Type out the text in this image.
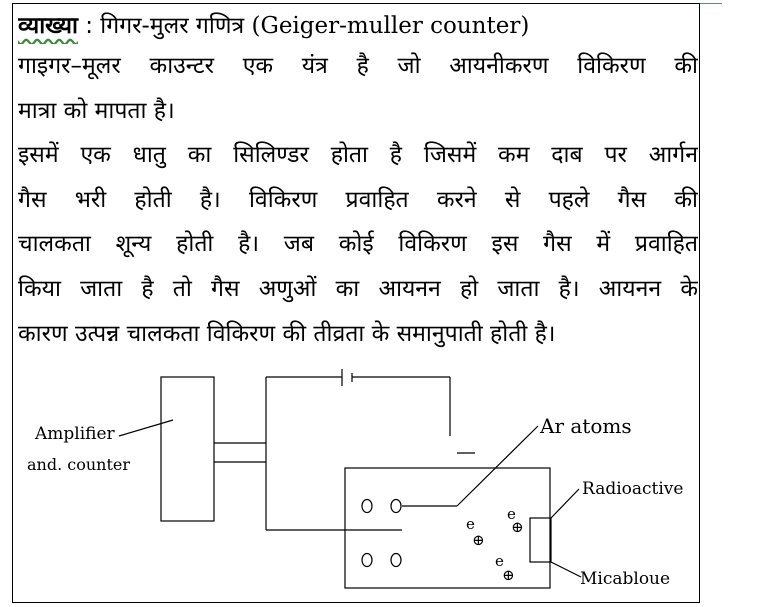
व्याख्या : गिगर-मुलर गणित्र (Geiger-muller counter)
गाइगर–मूलर काउन्टर एक यंत्र है जो आयनीकरण विकिरण की
मात्रा को मापता है।
इसमें एक धातु का सिलिण्डर होता है जिसमें कम दाब पर आर्गन
गैस भरी होती है। विकिरण प्रवाहित करने से पहले गैस की
चालकता शून्य होती है। जब कोई विकिरण इस गैस में प्रवाहित
किया जाता है तो गैस अणुओं का आयनन हो जाता है। आयनन के
कारण उत्पन्न चालकता विकिरण की तीव्रता के समानुपाती होती है।
Amplifier
and. counter
Ar atoms
Radioactive
Micabloue
e
⊕
e
⊕
e
⊕
